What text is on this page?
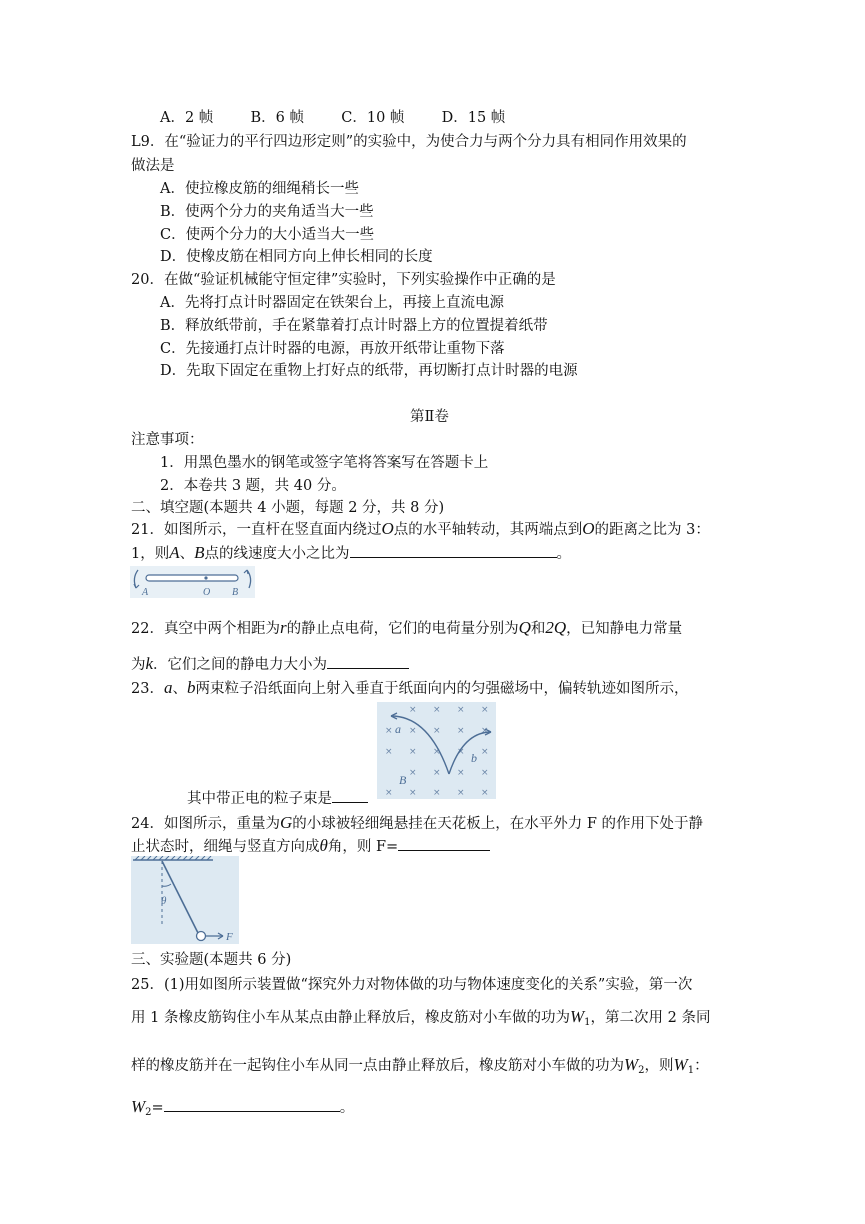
A．2 帧	B．6 帧	C．10 帧	D．15 帧
L9．在“验证力的平行四边形定则”的实验中，为使合力与两个分力具有相同作用效果的
做法是
A．使拉橡皮筋的细绳稍长一些
B．使两个分力的夹角适当大一些
C．使两个分力的大小适当大一些
D．使橡皮筋在相同方向上伸长相同的长度
20．在做“验证机械能守恒定律”实验时，下列实验操作中正确的是
A．先将打点计时器固定在铁架台上，再接上直流电源
B．释放纸带前，手在紧靠着打点计时器上方的位置提着纸带
C．先接通打点计时器的电源，再放开纸带让重物下落
D．先取下固定在重物上打好点的纸带，再切断打点计时器的电源
第Ⅱ卷
注意事项：
1．用黑色墨水的钢笔或签字笔将答案写在答题卡上
2．本卷共 3 题，共 40 分。
二、填空题(本题共 4 小题，每题 2 分，共 8 分)
21．如图所示，一直杆在竖直面内绕过O点的水平轴转动，其两端点到O的距离之比为 3：
1，则A、B点的线速度大小之比为	。
A	O B
22．真空中两个相距为r的静止点电荷，它们的电荷量分别为Q和2Q，已知静电力常量
为k．它们之间的静电力大小为
23．a、b两束粒子沿纸面向上射入垂直于纸面向内的匀强磁场中，偏转轨迹如图所示，
× × × ×
× × × × ×
× × × × ×
× × × ×
× × × × ×
a
b
B
其中带正电的粒子束是
24．如图所示，重量为G的小球被轻细绳悬挂在天花板上，在水平外力 F 的作用下处于静
止状态时，细绳与竖直方向成θ角，则 F=
θ
F
三、实验题(本题共 6 分)
25．(1)用如图所示装置做“探究外力对物体做的功与物体速度变化的关系”实验，第一次
用 1 条橡皮筋钩住小车从某点由静止释放后，橡皮筋对小车做的功为$W_1$，第二次用 2 条同
样的橡皮筋并在一起钩住小车从同一点由静止释放后，橡皮筋对小车做的功为$W_2$，则$W_1$：
$W_2=$	。
